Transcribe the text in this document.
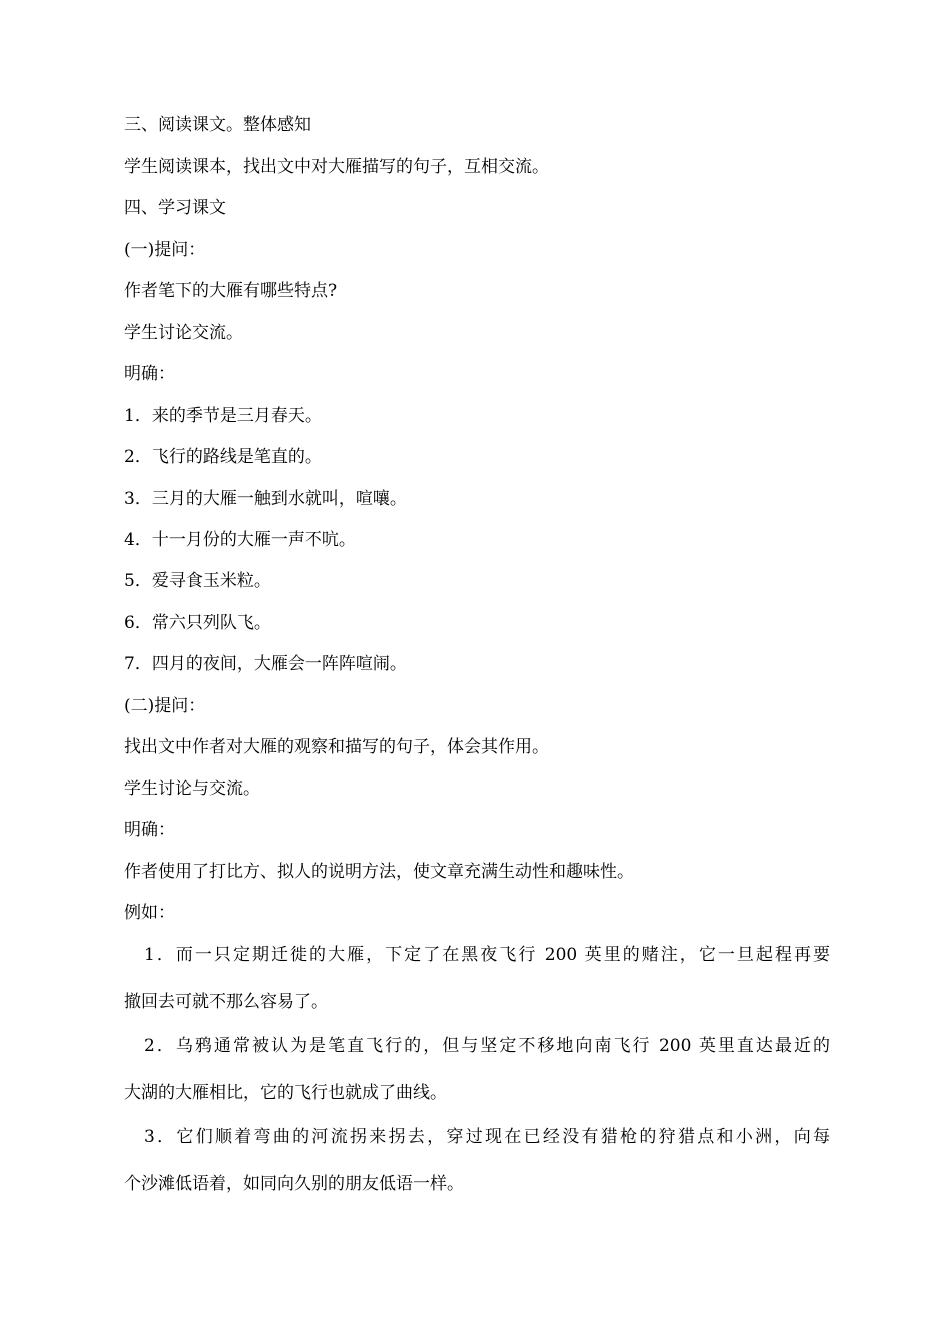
三、阅读课文。整体感知
学生阅读课本，找出文中对大雁描写的句子，互相交流。
四、学习课文
(一)提问：
作者笔下的大雁有哪些特点?
学生讨论交流。
明确：
1．来的季节是三月春天。
2．飞行的路线是笔直的。
3．三月的大雁一触到水就叫，喧嚷。
4．十一月份的大雁一声不吭。
5．爱寻食玉米粒。
6．常六只列队飞。
7．四月的夜间，大雁会一阵阵喧闹。
(二)提问：
找出文中作者对大雁的观察和描写的句子，体会其作用。
学生讨论与交流。
明确：
作者使用了打比方、拟人的说明方法，使文章充满生动性和趣味性。
例如：
1．而一只定期迁徙的大雁，下定了在黑夜飞行 200 英里的赌注，它一旦起程再要
撤回去可就不那么容易了。
2．乌鸦通常被认为是笔直飞行的，但与坚定不移地向南飞行 200 英里直达最近的
大湖的大雁相比，它的飞行也就成了曲线。
3．它们顺着弯曲的河流拐来拐去，穿过现在已经没有猎枪的狩猎点和小洲，向每
个沙滩低语着，如同向久别的朋友低语一样。
